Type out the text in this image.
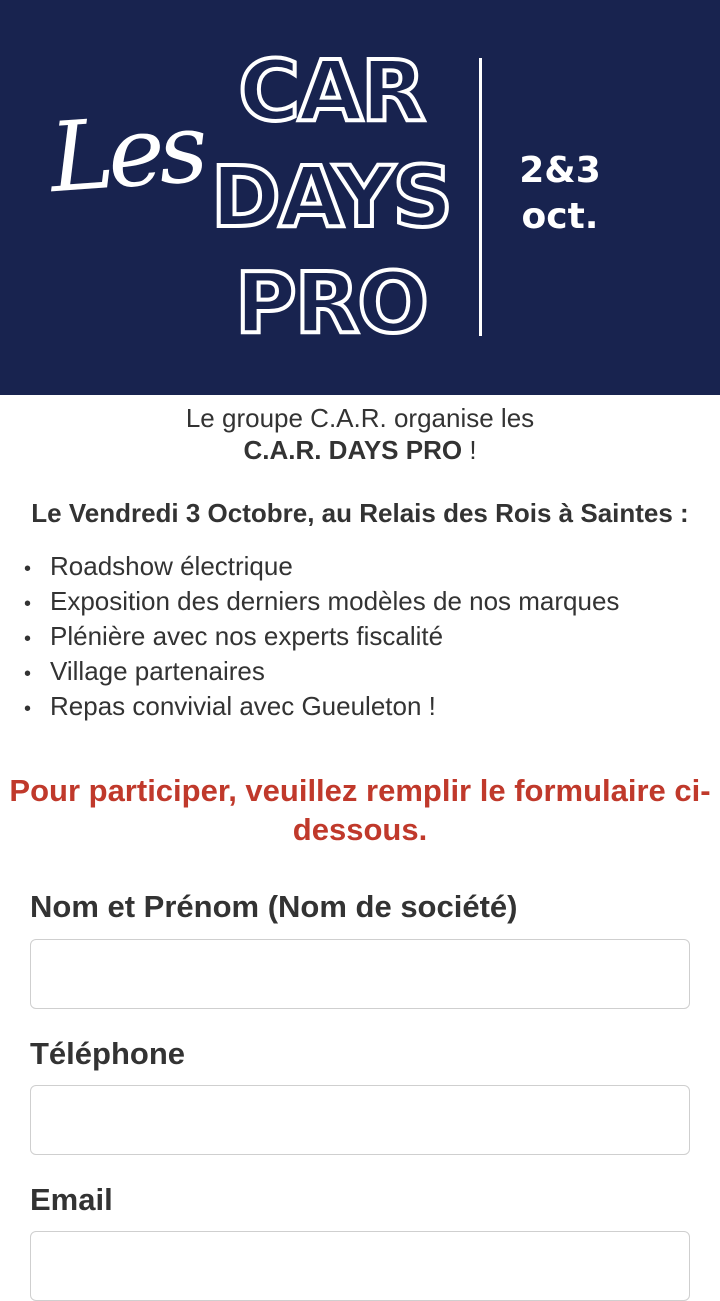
Les
CAR
DAYS
PRO
2&3
oct.
Le groupe C.A.R. organise les
C.A.R. DAYS PRO !
Le Vendredi 3 Octobre, au Relais des Rois à Saintes :
• Roadshow électrique
• Exposition des derniers modèles de nos marques
• Plénière avec nos experts fiscalité
• Village partenaires
• Repas convivial avec Gueuleton !
Pour participer, veuillez remplir le formulaire ci-dessous.
Nom et Prénom (Nom de société)
Téléphone
Email
